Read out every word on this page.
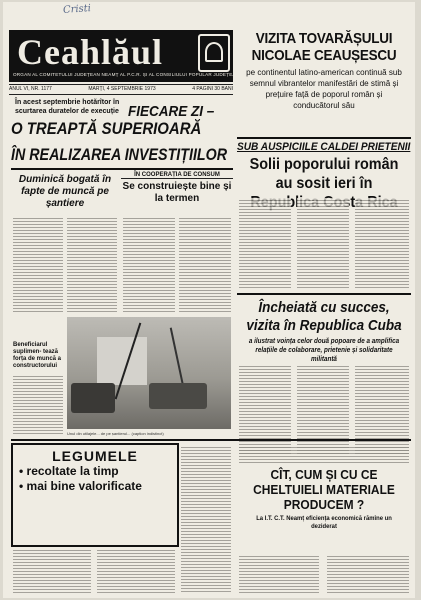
Cristi
Ceahlăul
ORGAN AL COMITETULUI JUDEȚEAN NEAMȚ AL P.C.R. ȘI AL CONSILIULUI POPULAR JUDEȚEAN
ANUL VI, NR. 1177	MARȚI, 4 SEPTEMBRIE 1973	4 PAGINI 30 BANI
VIZITA TOVARĂȘULUI
NICOLAE CEAUȘESCU
pe continentul latino-american continuă sub semnul vibrantelor manifestări de stimă și prețuire față de poporul român și conducătorul său
SUB AUSPICIILE CALDEI PRIETENII
Solii poporului român au sosit ieri în
În acest septembrie hotărîtor în scurtarea duratelor de execuție FIECARE ZI –
O TREAPTĂ SUPERIOARĂ
ÎN REALIZAREA INVESTIȚIILOR
Duminică bogată în fapte de muncă pe șantiere
ÎN COOPERAȚIA DE CONSUM
Se construiește bine și la termen
Beneficiarul suplimen- tează forța de muncă a constructorului
Unul din utilajele... de pe șantierul... (caption indistinct)
Încheiată cu succes, vizita în Republica Cuba
a ilustrat voința celor două popoare de a amplifica relațiile de colaborare, prietenie și solidaritate militantă
LEGUMELE
• recoltate la timp
• mai bine valorificate
CÎT, CUM ȘI CU CE CHELTUIELI MATERIALE PRODUCEM ?
La I.T. C.T. Neamț eficiența economică rămîne un deziderat
